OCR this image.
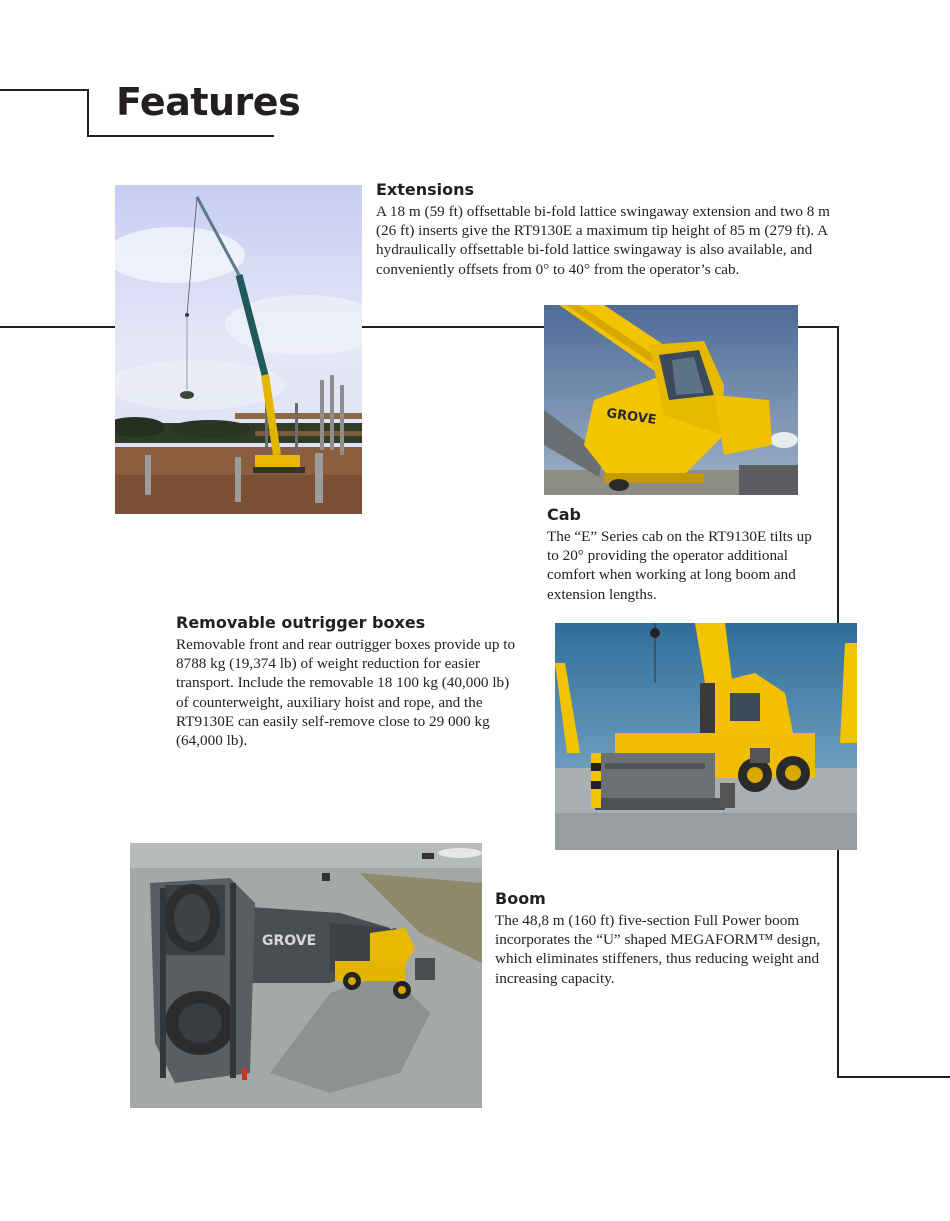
Features
Extensions

A 18 m (59 ft) offsettable bi-fold lattice swingaway extension and two 8 m (26 ft) inserts give the RT9130E a maximum tip height of 85 m (279 ft). A hydraulically offsettable bi-fold lattice swingaway is also available, and conveniently offsets from 0° to 40° from the operator’s cab.

GROVE
Cab

The “E” Series cab on the RT9130E tilts up to 20° providing the operator additional comfort when working at long boom and extension lengths.

Removable outrigger boxes

Removable front and rear outrigger boxes provide up to 8788 kg (19,374 lb) of weight reduction for easier transport. Include the removable 18 100 kg (40,000 lb) of counterweight, auxiliary hoist and rope, and the RT9130E can easily self-remove close to 29 000 kg (64,000 lb).

GROVE
Boom

The 48,8 m (160 ft) five-section Full Power boom incorporates the “U” shaped MEGAFORM™ design, which eliminates stiffeners, thus reducing weight and increasing capacity.
